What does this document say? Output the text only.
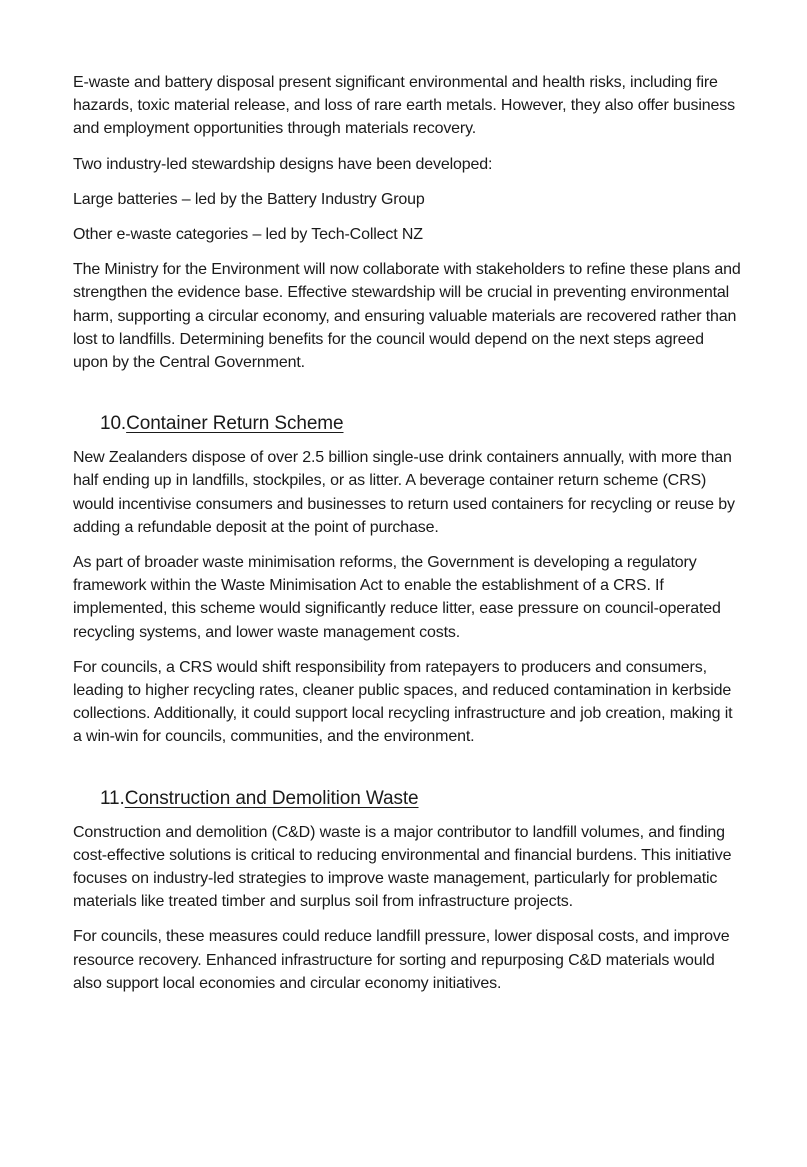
E-waste and battery disposal present significant environmental and health risks, including fire hazards, toxic material release, and loss of rare earth metals. However, they also offer business and employment opportunities through materials recovery.

Two industry-led stewardship designs have been developed:

Large batteries – led by the Battery Industry Group

Other e-waste categories – led by Tech-Collect NZ

The Ministry for the Environment will now collaborate with stakeholders to refine these plans and strengthen the evidence base. Effective stewardship will be crucial in preventing environmental harm, supporting a circular economy, and ensuring valuable materials are recovered rather than lost to landfills. Determining benefits for the council would depend on the next steps agreed upon by the Central Government.

10.Container Return Scheme

New Zealanders dispose of over 2.5 billion single-use drink containers annually, with more than half ending up in landfills, stockpiles, or as litter. A beverage container return scheme (CRS) would incentivise consumers and businesses to return used containers for recycling or reuse by adding a refundable deposit at the point of purchase.

As part of broader waste minimisation reforms, the Government is developing a regulatory framework within the Waste Minimisation Act to enable the establishment of a CRS. If implemented, this scheme would significantly reduce litter, ease pressure on council-operated recycling systems, and lower waste management costs.

For councils, a CRS would shift responsibility from ratepayers to producers and consumers, leading to higher recycling rates, cleaner public spaces, and reduced contamination in kerbside collections. Additionally, it could support local recycling infrastructure and job creation, making it a win-win for councils, communities, and the environment.

11.Construction and Demolition Waste

Construction and demolition (C&D) waste is a major contributor to landfill volumes, and finding cost-effective solutions is critical to reducing environmental and financial burdens. This initiative focuses on industry-led strategies to improve waste management, particularly for problematic materials like treated timber and surplus soil from infrastructure projects.

For councils, these measures could reduce landfill pressure, lower disposal costs, and improve resource recovery. Enhanced infrastructure for sorting and repurposing C&D materials would also support local economies and circular economy initiatives.
